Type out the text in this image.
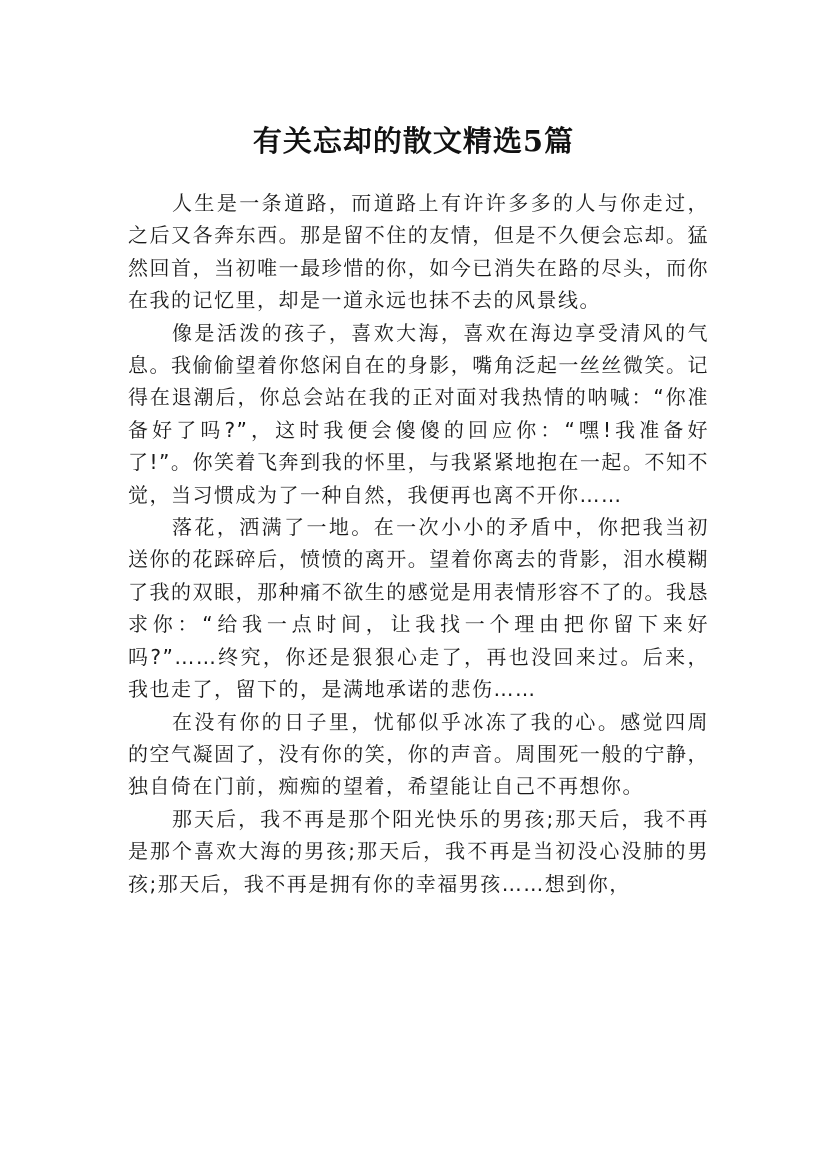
有关忘却的散文精选5篇

人生是一条道路，而道路上有许许多多的人与你走过，之后又各奔东西。那是留不住的友情，但是不久便会忘却。猛然回首，当初唯一最珍惜的你，如今已消失在路的尽头，而你在我的记忆里，却是一道永远也抹不去的风景线。

像是活泼的孩子，喜欢大海，喜欢在海边享受清风的气息。我偷偷望着你悠闲自在的身影，嘴角泛起一丝丝微笑。记得在退潮后，你总会站在我的正对面对我热情的呐喊：“你准备好了吗?”，这时我便会傻傻的回应你：“嘿!我准备好了!”。你笑着飞奔到我的怀里，与我紧紧地抱在一起。不知不觉，当习惯成为了一种自然，我便再也离不开你……

落花，洒满了一地。在一次小小的矛盾中，你把我当初送你的花踩碎后，愤愤的离开。望着你离去的背影，泪水模糊了我的双眼，那种痛不欲生的感觉是用表情形容不了的。我恳求你：“给我一点时间，让我找一个理由把你留下来好吗?”……终究，你还是狠狠心走了，再也没回来过。后来，我也走了，留下的，是满地承诺的悲伤……

在没有你的日子里，忧郁似乎冰冻了我的心。感觉四周的空气凝固了，没有你的笑，你的声音。周围死一般的宁静，独自倚在门前，痴痴的望着，希望能让自己不再想你。

那天后，我不再是那个阳光快乐的男孩;那天后，我不再是那个喜欢大海的男孩;那天后，我不再是当初没心没肺的男孩;那天后，我不再是拥有你的幸福男孩……想到你，
